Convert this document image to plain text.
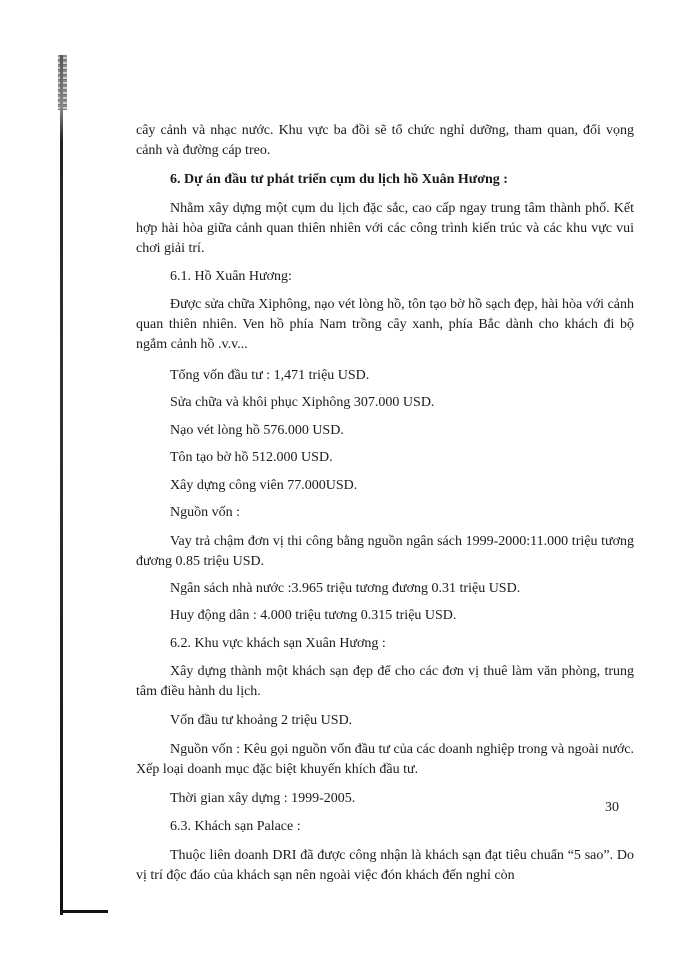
cây cảnh và nhạc nước. Khu vực ba đồi sẽ tổ chức nghỉ dưỡng, tham quan, đổi vọng cảnh và đường cáp treo.

6. Dự án đầu tư phát triển cụm du lịch hồ Xuân Hương :

Nhằm xây dựng một cụm du lịch đặc sắc, cao cấp ngay trung tâm thành phố. Kết hợp hài hòa giữa cảnh quan thiên nhiên với các công trình kiến trúc và các khu vực vui chơi giải trí.

6.1. Hồ Xuân Hương:

Được sửa chữa Xiphông, nạo vét lòng hồ, tôn tạo bờ hồ sạch đẹp, hài hòa với cảnh quan thiên nhiên. Ven hồ phía Nam trồng cây xanh, phía Bắc dành cho khách đi bộ ngắm cảnh hồ .v.v...

Tổng vốn đầu tư : 1,471 triệu USD.

Sửa chữa và khôi phục Xiphông 307.000 USD.

Nạo vét lòng hồ 576.000 USD.

Tôn tạo bờ hồ 512.000 USD.

Xây dựng công viên 77.000USD.

Nguồn vốn :

Vay trả chậm đơn vị thi công bằng nguồn ngân sách 1999-2000:11.000 triệu tương đương 0.85 triệu USD.

Ngân sách nhà nước :3.965 triệu tương đương 0.31 triệu USD.

Huy động dân : 4.000 triệu tương 0.315 triệu USD.

6.2. Khu vực khách sạn Xuân Hương :

Xây dựng thành một khách sạn đẹp để cho các đơn vị thuê làm văn phòng, trung tâm điều hành du lịch.

Vốn đầu tư khoảng 2 triệu USD.

Nguồn vốn : Kêu gọi nguồn vốn đầu tư của các doanh nghiệp trong và ngoài nước. Xếp loại doanh mục đặc biệt khuyến khích đầu tư.

Thời gian xây dựng : 1999-2005.

6.3. Khách sạn Palace :

Thuộc liên doanh DRI đã được công nhận là khách sạn đạt tiêu chuẩn “5 sao”. Do vị trí độc đáo của khách sạn nên ngoài việc đón khách đến nghỉ còn

30
